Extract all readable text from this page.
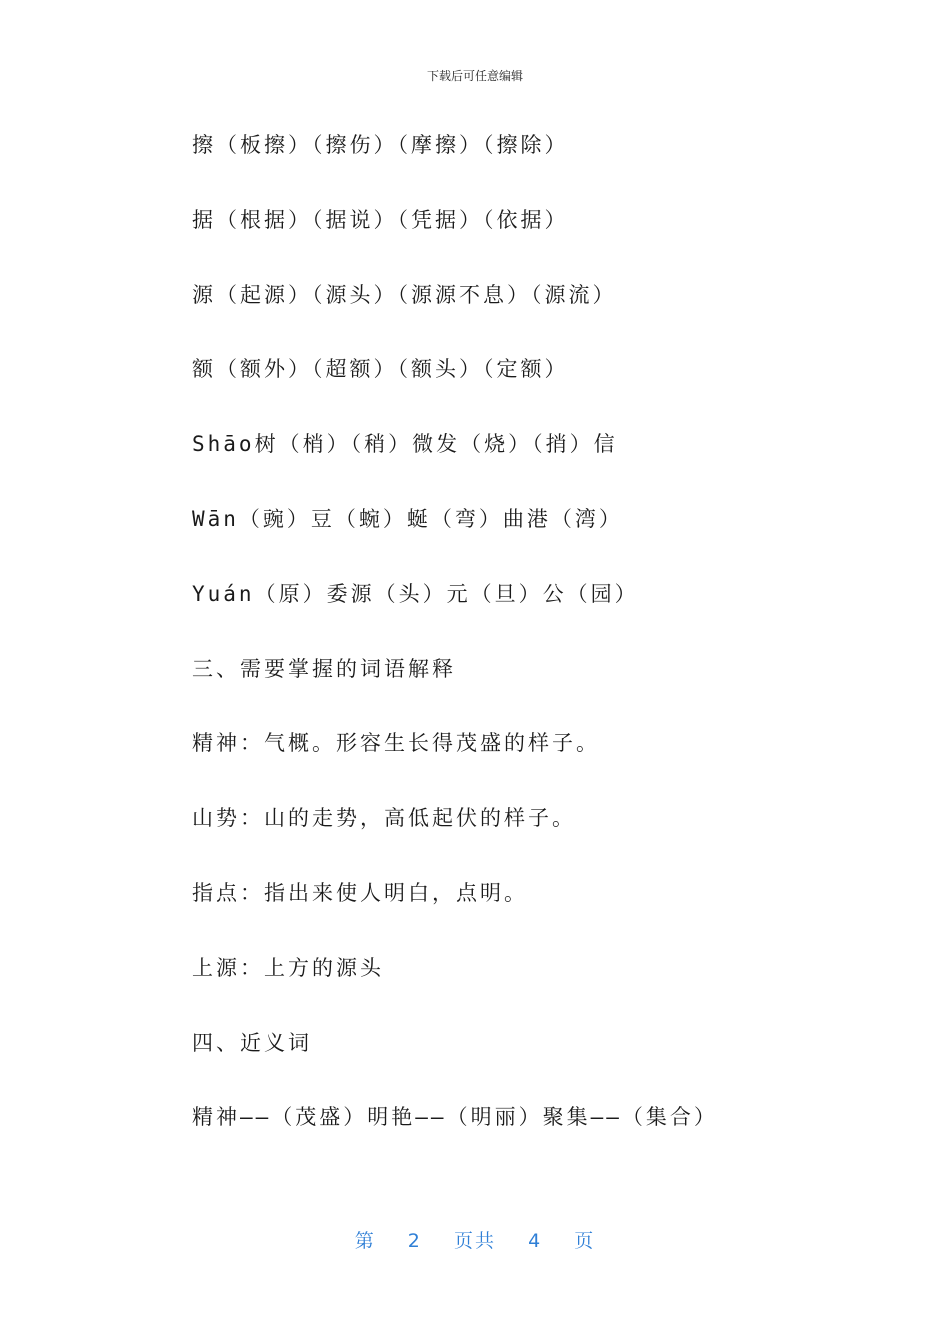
下载后可任意编辑
擦（板擦）（擦伤）（摩擦）（擦除）
据（根据）（据说）（凭据）（依据）
源（起源）（源头）（源源不息）（源流）
额（额外）（超额）（额头）（定额）
Shāo树（梢）（稍）微发（烧）（捎）信
Wān（豌）豆（蜿）蜒（弯）曲港（湾）
Yuán（原）委源（头）元（旦）公（园）
三、需要掌握的词语解释
精神：气概。形容生长得茂盛的样子。
山势：山的走势，高低起伏的样子。
指点：指出来使人明白，点明。
上源：上方的源头
四、近义词
精神——（茂盛）明艳——（明丽）聚集——（集合）
第 2 页共 4 页
